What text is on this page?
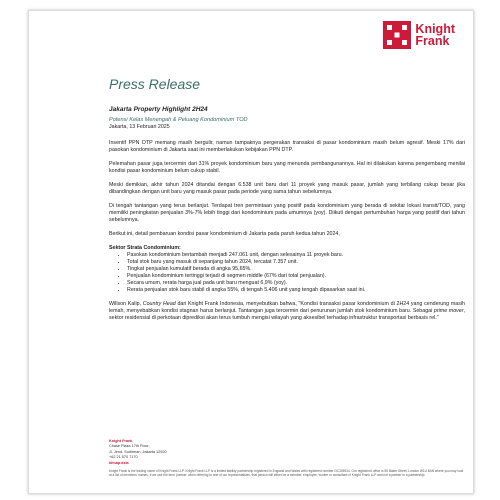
Knight
Frank
Press Release
Jakarta Property Highlight 2H24
Potensi Kelas Menengah & Peluang Kondominium TOD
Jakarta, 13 Februari 2025

Insentif PPN DTP memang masih bergulir, namun tampaknya pergerakan transaksi di pasar kondominium masih belum agresif. Meski 17% dari pasokan kondominium di Jakarta saat ini memberlakukan kebijakan PPN DTP.

Pelemahan pasar juga tercermin dari 31% proyek kondominium baru yang menunda pembangunannya. Hal ini dilakukan karena pengembang menilai kondisi pasar kondominium belum cukup stabil.

Meski demikian, akhir tahun 2024 ditandai dengan 6.538 unit baru dari 11 proyek yang masuk pasar, jumlah yang terbilang cukup besar jika dibandingkan dengan unit baru yang masuk pasar pada periode yang sama tahun sebelumnya.

Di tengah tantangan yang terus berlanjut. Terdapat tren permintaan yang positif pada kondominium yang berada di sekitar lokasi transit/TOD, yang memiliki peningkatan penjualan 3%-7% lebih tinggi dari kondominium pada umumnya (yoy). Diikuti dengan pertumbuhan harga yang positif dari tahun sebelumnya.

Berikut ini, detail pembaruan kondisi pasar kondominium di Jakarta pada paruh kedua tahun 2024,

Sektor Strata Condominium:
• Pasokan kondominium bertambah menjadi 247.061 unit, dengan selesainya 11 proyek baru.
• Total stok baru yang masuk di sepanjang tahun 2024, tercatat 7.357 unit.
• Tingkat penjualan kumulatif berada di angka 95,65%.
• Penjualan kondominium tertinggi terjadi di segmen middle (67% dari total penjualan).
• Secara umum, rerata harga jual pada unit baru menguat 6,9% (yoy).
• Rerata penjualan stok baru stabil di angka 55%, di tengah 5.406 unit yang tengah dipasarkan saat ini.

Willson Kalip, Country Head dari Knight Frank Indonesia, menyebutkan bahwa, "Kondisi transaksi pasar kondominium di 2H24 yang cenderung masih lemah, menyebabkan kondisi stagnan harus berlanjut. Tantangan juga tercermin dari penurunan jumlah stok kondominium baru. Sebagai prime mover, sektor residensial di perkotaan diprediksi akan terus tumbuh mengisi wilayah yang aksesibel terhadap infrastruktur transportasi berbasis rel."

Knight Frank
Chase Plaza 17th Floor,
Jl. Jend. Sudirman, Jakarta 12920
+62 21 570 7170
kfmap.asia
Knight Frank is the trading name of Knight Frank LLP. Knight Frank LLP is a limited liability partnership registered in England and Wales with registered number OC305934. Our registered office is 55 Baker Street, London W1U 8AN where you may look at a list of members' names. If we use the term 'partner' when referring to one of our representatives, that person will either be a member, employee, worker or consultant of Knight Frank LLP and not a partner in a partnership.
